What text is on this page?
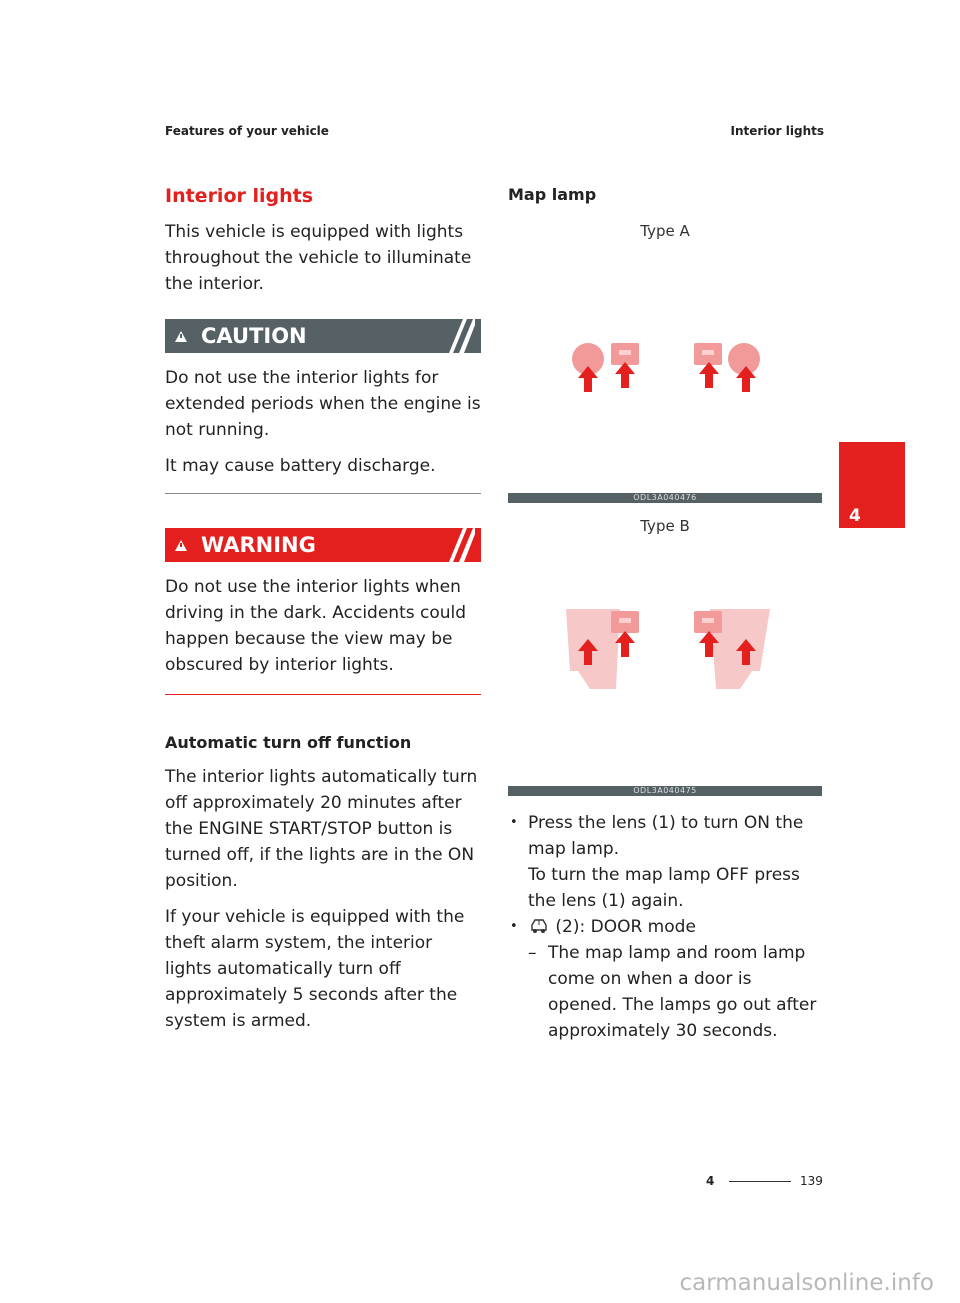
Features of your vehicle	Interior lights
Interior lights

This vehicle is equipped with lights throughout the vehicle to illuminate the interior.

CAUTION

Do not use the interior lights for extended periods when the engine is not running.

It may cause battery discharge.

WARNING

Do not use the interior lights when driving in the dark. Accidents could happen because the view may be obscured by interior lights.

Automatic turn off function

The interior lights automatically turn off approximately 20 minutes after the ENGINE START/STOP button is turned off, if the lights are in the ON position.

If your vehicle is equipped with the theft alarm system, the interior lights automatically turn off approximately 5 seconds after the system is armed.

Map lamp

Type A

ODL3A040476

Type B

ODL3A040475
• Press the lens (1) to turn ON the map lamp.
To turn the map lamp OFF press the lens (1) again.
• (2): DOOR mode
– The map lamp and room lamp come on when a door is opened. The lamps go out after approximately 30 seconds.
4
4	139
carmanualsonline.info
